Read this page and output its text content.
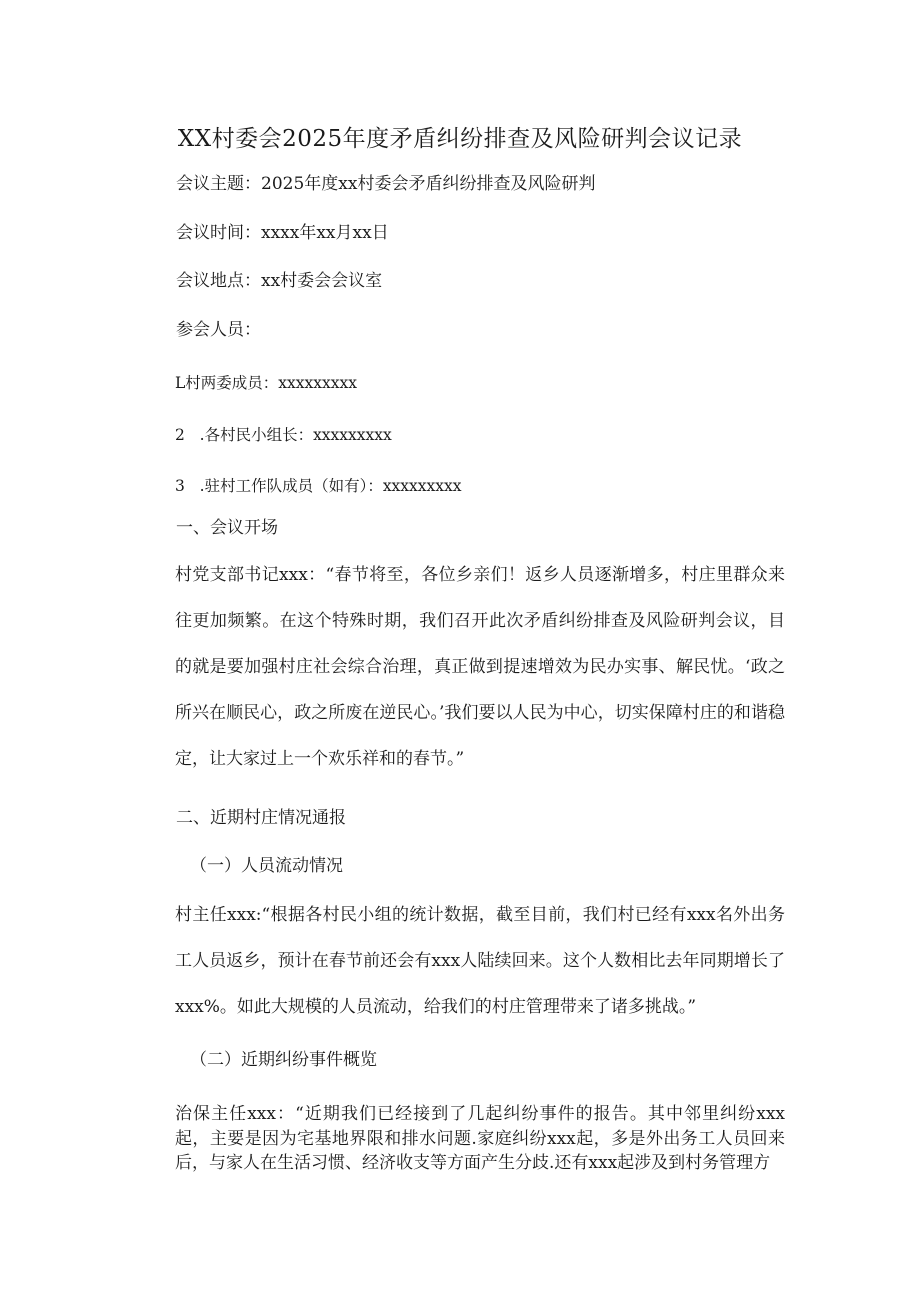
XX村委会2025年度矛盾纠纷排查及风险研判会议记录
会议主题：2025年度xx村委会矛盾纠纷排查及风险研判
会议时间：xxxx年xx月xx日
会议地点：xx村委会会议室
参会人员：
L村两委成员：xxxxxxxxx
2   .各村民小组长：xxxxxxxxx
3   .驻村工作队成员（如有）：xxxxxxxxx
一、会议开场

村党支部书记xxx：“春节将至，各位乡亲们！返乡人员逐渐增多，村庄里群众来往更加频繁。在这个特殊时期，我们召开此次矛盾纠纷排查及风险研判会议，目的就是要加强村庄社会综合治理，真正做到提速增效为民办实事、解民忧。‘政之所兴在顺民心，政之所废在逆民心。’我们要以人民为中心，切实保障村庄的和谐稳定，让大家过上一个欢乐祥和的春节。”

二、近期村庄情况通报
（一）人员流动情况

村主任xxx:“根据各村民小组的统计数据，截至目前，我们村已经有xxx名外出务工人员返乡，预计在春节前还会有xxx人陆续回来。这个人数相比去年同期增长了xxx%。如此大规模的人员流动，给我们的村庄管理带来了诸多挑战。”

（二）近期纠纷事件概览

治保主任xxx：“近期我们已经接到了几起纠纷事件的报告。其中邻里纠纷xxx起，主要是因为宅基地界限和排水问题.家庭纠纷xxx起，多是外出务工人员回来后，与家人在生活习惯、经济收支等方面产生分歧.还有xxx起涉及到村务管理方
